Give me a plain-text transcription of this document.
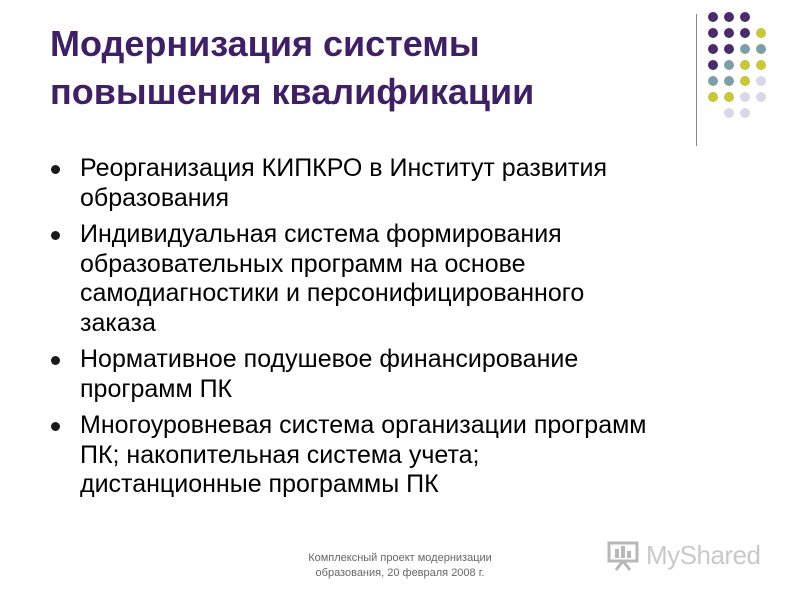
Модернизация системы
повышения квалификации
Реорганизация КИПКРО в Институт развития
образования
Индивидуальная система формирования
образовательных программ на основе
самодиагностики и персонифицированного
заказа
Нормативное подушевое финансирование
программ ПК
Многоуровневая система организации программ
ПК; накопительная система учета;
дистанционные программы ПК
Комплексный проект модернизации
образования, 20 февраля 2008 г.
MyShared
